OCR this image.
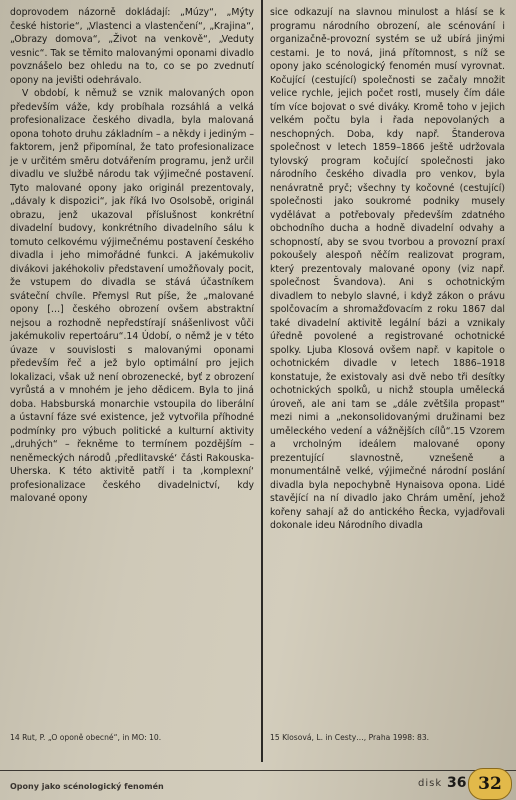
doprovodem názorně dokládají: „Múzy“, „Mýty české historie“, „Vlastenci a vlastenčení“, „Krajina“, „Obrazy domova“, „Život na venkově“, „Veduty vesnic“. Tak se těmito malovanými oponami divadlo povznášelo bez ohledu na to, co se po zvednutí opony na jevišti odehrávalo.

V období, k němuž se vznik malovaných opon především váže, kdy probíhala rozsáhlá a velká profesionalizace českého divadla, byla malovaná opona tohoto druhu základním – a někdy i jediným – faktorem, jenž připomínal, že tato profesionalizace je v určitém směru dotvářením programu, jenž určil divadlu ve službě národu tak výjimečné postavení. Tyto malované opony jako originál prezentovaly, „dávaly k dispozici“, jak říká Ivo Osolsobě, originál obrazu, jenž ukazoval příslušnost konkrétní divadelní budovy, konkrétního divadelního sálu k tomuto celkovému výjimečnému postavení českého divadla i jeho mimořádné funkci. A jakémukoliv divákovi jakéhokoliv představení umožňovaly pocit, že vstupem do divadla se stává účastníkem sváteční chvíle. Přemysl Rut píše, že „malované opony […] českého obrození ovšem abstraktní nejsou a rozhodně nepředstírají snášenlivost vůči jakémukoliv repertoáru“.14 Údobí, o němž je v této úvaze v souvislosti s malovanými oponami především řeč a jež bylo optimální pro jejich lokalizaci, však už není obrozenecké, byť z obrození vyrůstá a v mnohém je jeho dědicem. Byla to jiná doba. Habsburská monarchie vstoupila do liberální a ústavní fáze své existence, jež vytvořila příhodné podmínky pro výbuch politické a kulturní aktivity „druhých“ – řekněme to termínem pozdějším – neněmeckých národů ‚předlitavské‘ části Rakouska-Uherska. K této aktivitě patří i ta ‚komplexní‘ profesionalizace českého divadelnictví, kdy malované opony

sice odkazují na slavnou minulost a hlásí se k programu národního obrození, ale scénování i organizačně-provozní systém se už ubírá jinými cestami. Je to nová, jiná přítomnost, s níž se opony jako scénologický fenomén musí vyrovnat. Kočující (cestující) společnosti se začaly množit velice rychle, jejich počet rostl, musely čím dále tím více bojovat o své diváky. Kromě toho v jejich velkém počtu byla i řada nepovolaných a neschopných. Doba, kdy např. Štanderova společnost v letech 1859–1866 ještě udržovala tylovský program kočující společnosti jako národního českého divadla pro venkov, byla nenávratně pryč; všechny ty kočovné (cestující) společnosti jako soukromé podniky musely vydělávat a potřebovaly především zdatného obchodního ducha a hodně divadelní odvahy a schopností, aby se svou tvorbou a provozní praxí pokoušely alespoň něčím realizovat program, který prezentovaly malované opony (viz např. společnost Švandova). Ani s ochotnickým divadlem to nebylo slavné, i když zákon o právu spolčovacím a shromažďovacím z roku 1867 dal také divadelní aktivitě legální bázi a vznikaly úředně povolené a registrované ochotnické spolky. Ljuba Klosová ovšem např. v kapitole o ochotnickém divadle v letech 1886–1918 konstatuje, že existovaly asi dvě nebo tři desítky ochotnických spolků, u nichž stoupla umělecká úroveň, ale ani tam se „dále zvětšila propast“ mezi nimi a „nekonsolidovanými družinami bez uměleckého vedení a vážnějších cílů“.15 Vzorem a vrcholným ideálem malované opony prezentující slavnostně, vznešeně a monumentálně velké, výjimečné národní poslání divadla byla nepochybně Hynaisova opona. Lidé stavějící na ní divadlo jako Chrám umění, jehož kořeny sahají až do antického Řecka, vyjadřovali dokonale ideu Národního divadla

14 Rut, P. „O oponě obecné“, in MO: 10.	15 Klosová, L. in Cesty…, Praha 1998: 83.
Opony jako scénologický fenomén	disk 36 32
